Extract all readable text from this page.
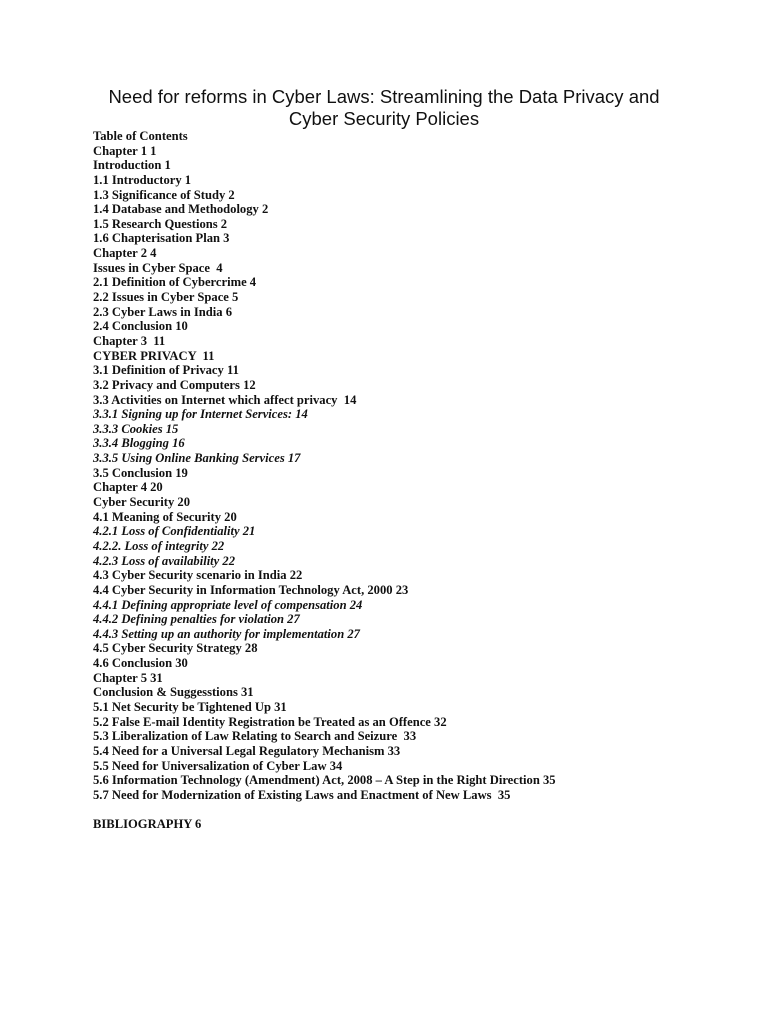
Need for reforms in Cyber Laws: Streamlining the Data Privacy and
Cyber Security Policies
Table of Contents
Chapter 1 1
Introduction 1
1.1 Introductory 1
1.3 Significance of Study 2
1.4 Database and Methodology 2
1.5 Research Questions 2
1.6 Chapterisation Plan 3
Chapter 2 4
Issues in Cyber Space  4
2.1 Definition of Cybercrime 4
2.2 Issues in Cyber Space 5
2.3 Cyber Laws in India 6
2.4 Conclusion 10
Chapter 3  11
CYBER PRIVACY  11
3.1 Definition of Privacy 11
3.2 Privacy and Computers 12
3.3 Activities on Internet which affect privacy  14
3.3.1 Signing up for Internet Services: 14
3.3.3 Cookies 15
3.3.4 Blogging 16
3.3.5 Using Online Banking Services 17
3.5 Conclusion 19
Chapter 4 20
Cyber Security 20
4.1 Meaning of Security 20
4.2.1 Loss of Confidentiality 21
4.2.2. Loss of integrity 22
4.2.3 Loss of availability 22
4.3 Cyber Security scenario in India 22
4.4 Cyber Security in Information Technology Act, 2000 23
4.4.1 Defining appropriate level of compensation 24
4.4.2 Defining penalties for violation 27
4.4.3 Setting up an authority for implementation 27
4.5 Cyber Security Strategy 28
4.6 Conclusion 30
Chapter 5 31
Conclusion & Suggesstions 31
5.1 Net Security be Tightened Up 31
5.2 False E-mail Identity Registration be Treated as an Offence 32
5.3 Liberalization of Law Relating to Search and Seizure  33
5.4 Need for a Universal Legal Regulatory Mechanism 33
5.5 Need for Universalization of Cyber Law 34
5.6 Information Technology (Amendment) Act, 2008 – A Step in the Right Direction 35
5.7 Need for Modernization of Existing Laws and Enactment of New Laws  35
BIBLIOGRAPHY 6
